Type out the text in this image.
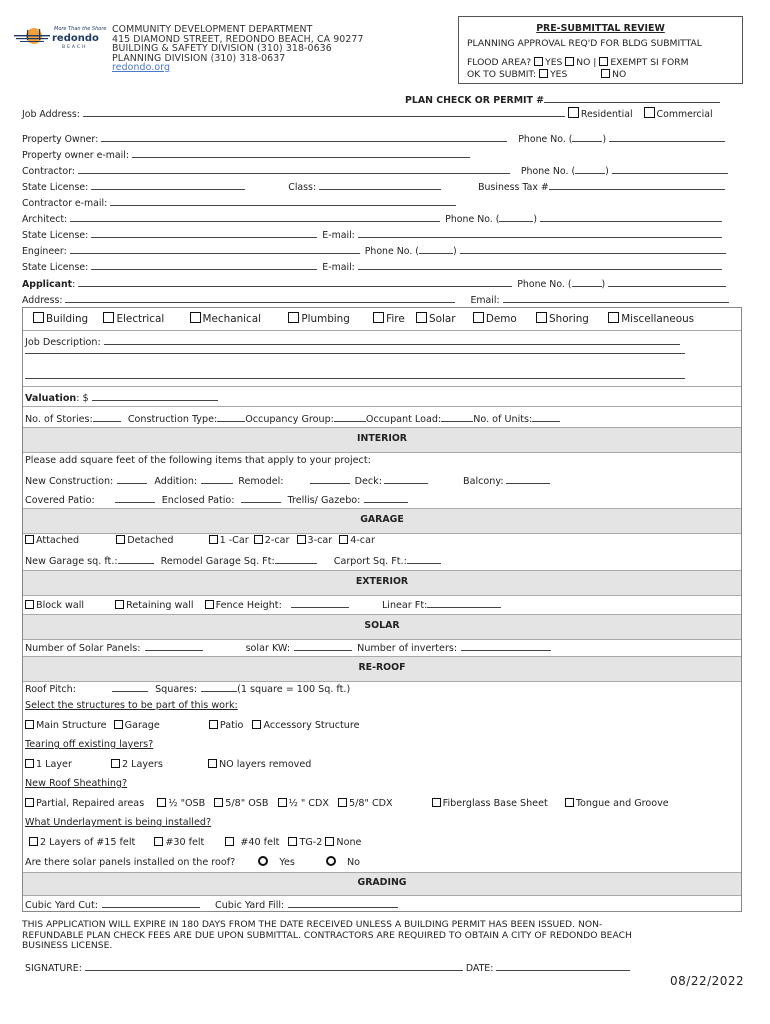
More Than the Shore
redondo
BEACH
COMMUNITY DEVELOPMENT DEPARTMENT
415 DIAMOND STREET, REDONDO BEACH, CA 90277
BUILDING & SAFETY DIVISION (310) 318-0636
PLANNING DIVISION (310) 318-0637
redondo.org
PRE-SUBMITTAL REVIEW
PLANNING APPROVAL REQ'D FOR BLDG SUBMITTAL
FLOOD AREA? YES NO | EXEMPT SI FORM
OK TO SUBMIT: YES	NO
PLAN CHECK OR PERMIT #
Job Address:	Residential	Commercial
Property Owner:	Phone No. (	)
Property owner e-mail:
Contractor:	Phone No. (	)
State License:	Class:	Business Tax #
Contractor e-mail:
Architect:	Phone No. (	)
State License:	E-mail:
Engineer:	Phone No. (	)
State License:	E-mail:
Applicant:	Phone No. (	)
Address:	Email:
Building	Electrical	Mechanical	Plumbing	Fire Solar	Demo	Shoring	Miscellaneous
Job Description:
Valuation: $
No. of Stories:	Construction Type:	Occupancy Group:	Occupant Load:	No. of Units:
INTERIOR
Please add square feet of the following items that apply to your project:
New Construction:	Addition:	Remodel:	Deck:	Balcony:
Covered Patio:	Enclosed Patio:	Trellis/ Gazebo:
GARAGE
Attached	Detached	1 -Car 2-car 3-car 4-car
New Garage sq. ft.:	Remodel Garage Sq. Ft:	Carport Sq. Ft.:
EXTERIOR
Block wall	Retaining wall Fence Height:	Linear Ft:
SOLAR
Number of Solar Panels:	solar KW:	Number of inverters:
RE-ROOF
Roof Pitch:	Squares:	(1 square = 100 Sq. ft.)
Select the structures to be part of this work:
Main Structure Garage	Patio Accessory Structure
Tearing off existing layers?
1 Layer	2 Layers	NO layers removed
New Roof Sheathing?
Partial, Repaired areas	½ "OSB 5/8" OSB ½ " CDX 5/8" CDX	Fiberglass Base Sheet	Tongue and Groove
What Underlayment is being installed?
2 Layers of #15 felt	#30 felt	#40 felt TG-2 None
Are there solar panels installed on the roof?	Yes	No
GRADING
Cubic Yard Cut:	Cubic Yard Fill:
THIS APPLICATION WILL EXPIRE IN 180 DAYS FROM THE DATE RECEIVED UNLESS A BUILDING PERMIT HAS BEEN ISSUED. NON-
REFUNDABLE PLAN CHECK FEES ARE DUE UPON SUBMITTAL. CONTRACTORS ARE REQUIRED TO OBTAIN A CITY OF REDONDO BEACH
BUSINESS LICENSE.
SIGNATURE:	DATE:
08/22/2022
